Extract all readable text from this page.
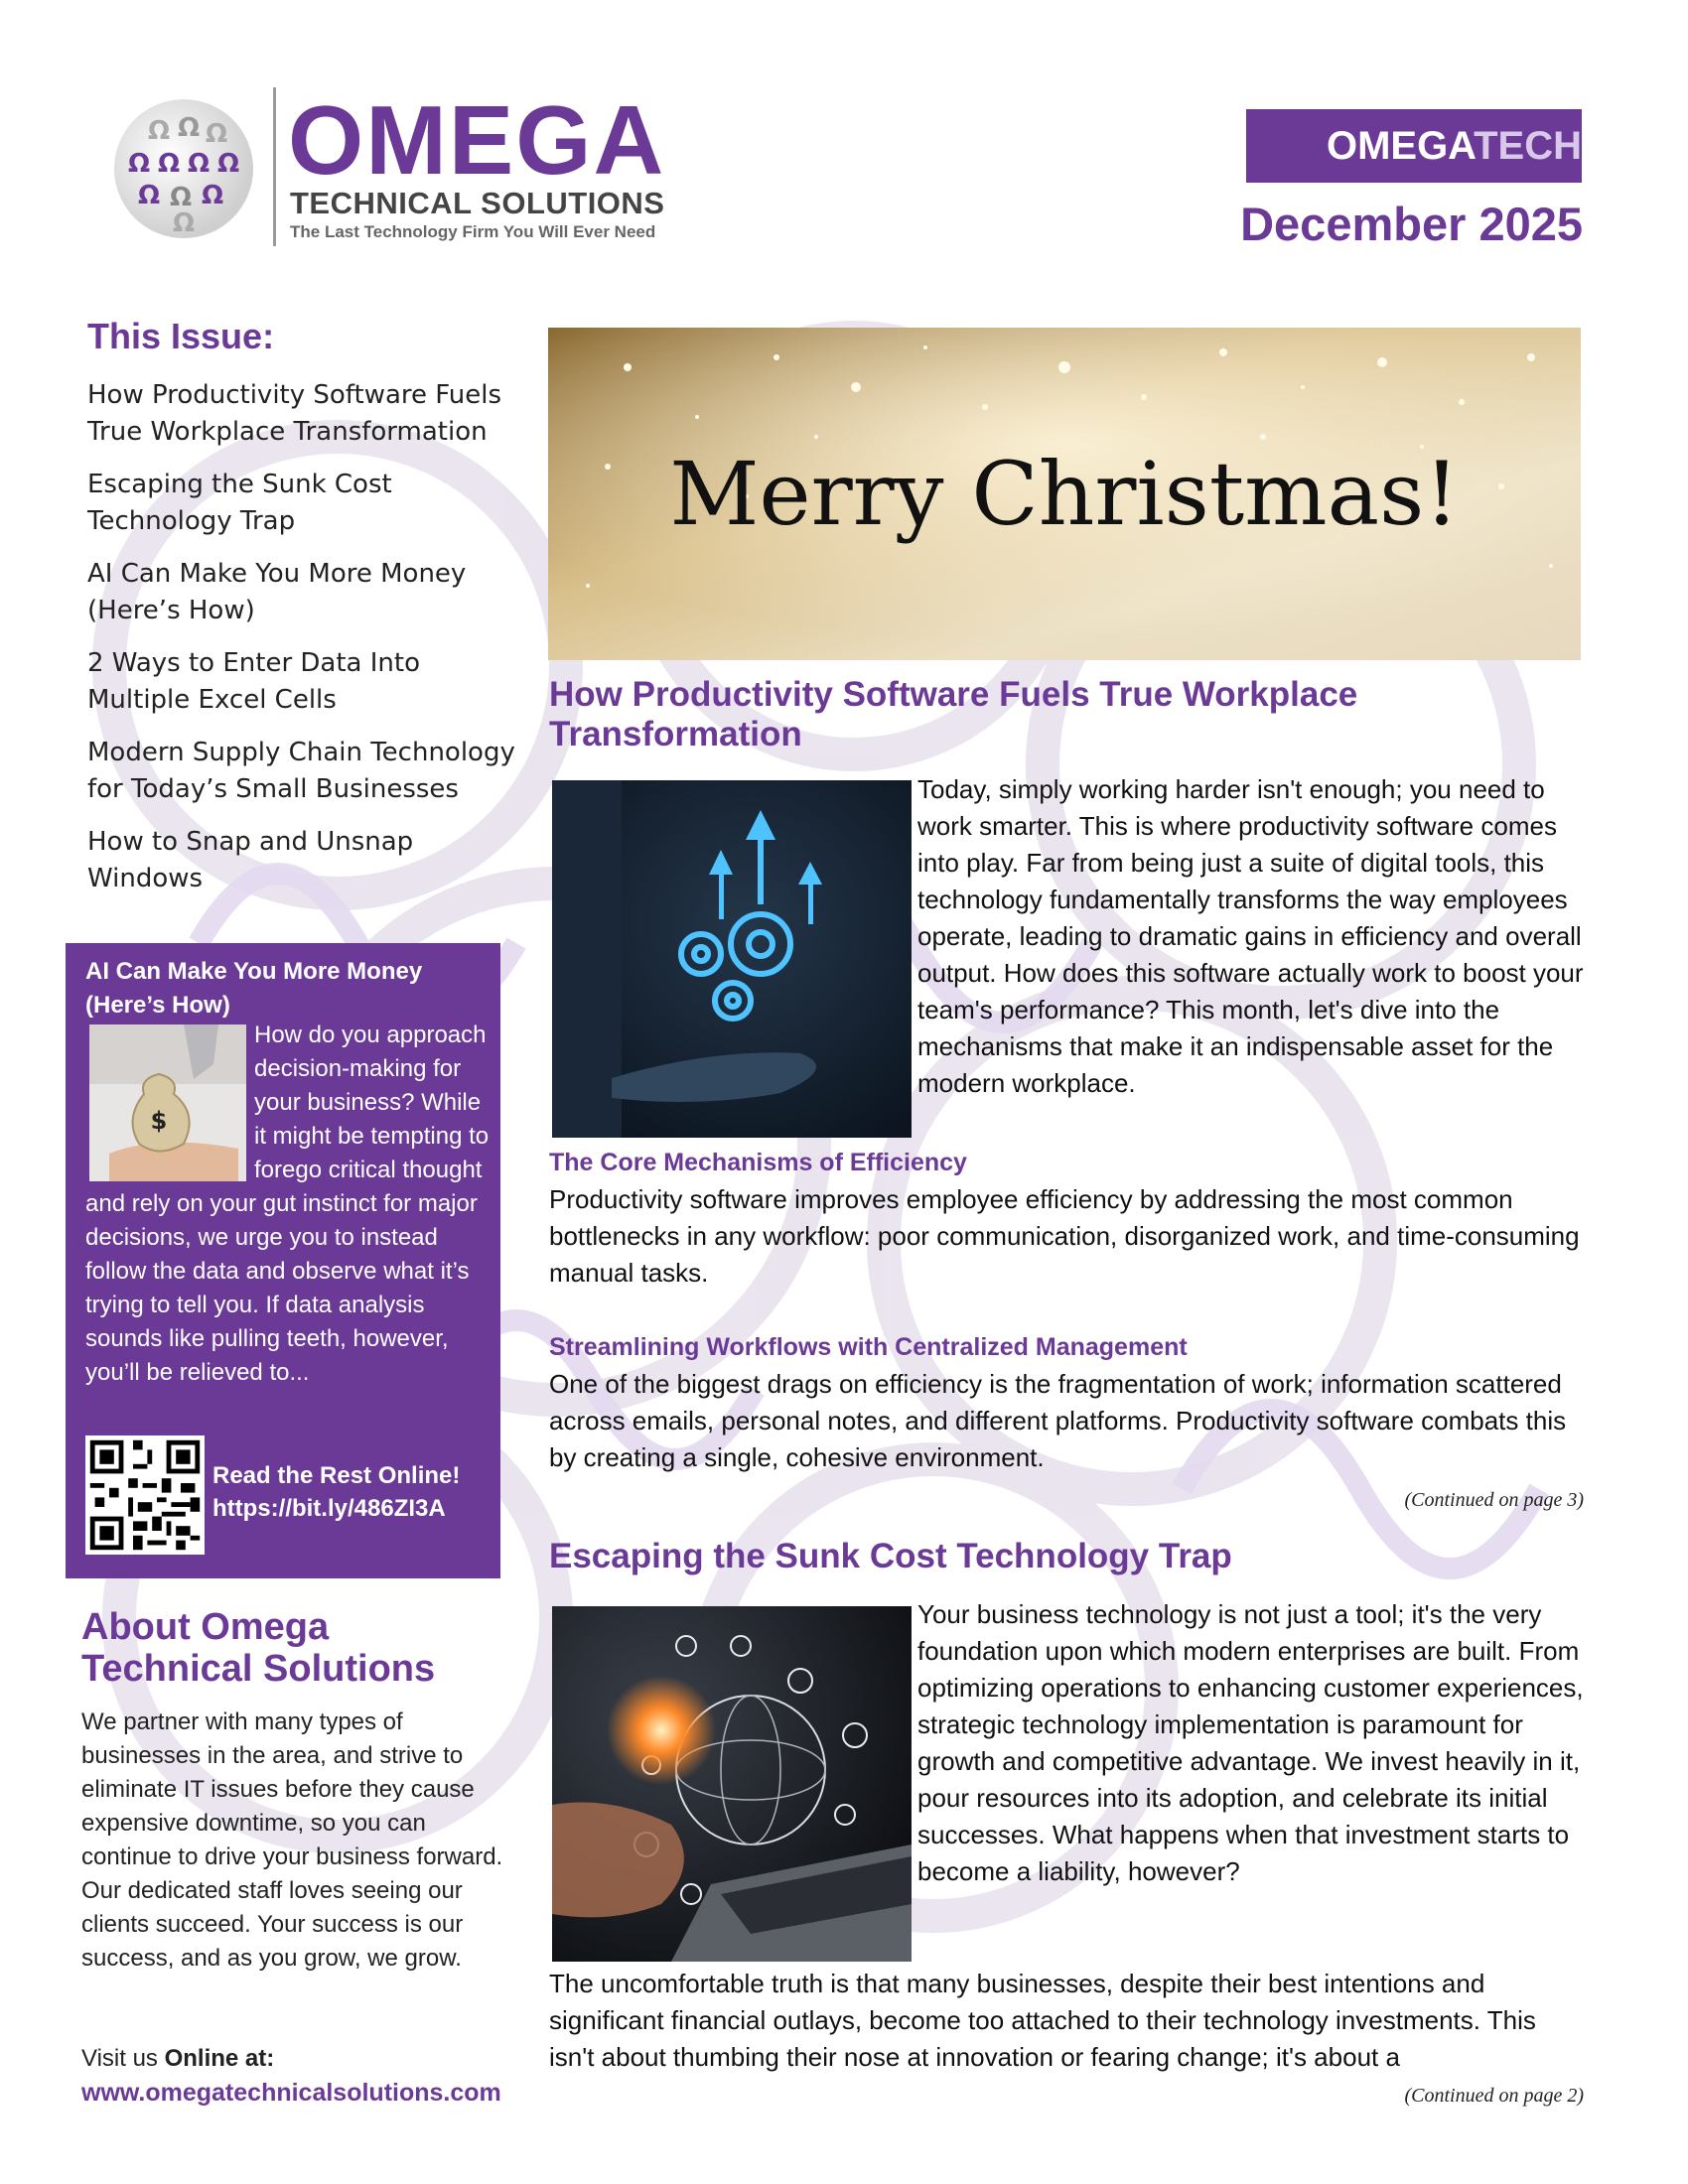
Ω Ω Ω
Ω Ω Ω Ω
Ω Ω Ω
Ω
OMEGA
TECHNICAL SOLUTIONS
The Last Technology Firm You Will Ever Need
OMEGATECH
December 2025
This Issue:
How Productivity Software Fuels True Workplace Transformation
Escaping the Sunk Cost Technology Trap
AI Can Make You More Money (Here’s How)
2 Ways to Enter Data Into Multiple Excel Cells
Modern Supply Chain Technology for Today’s Small Businesses
How to Snap and Unsnap Windows
AI Can Make You More Money (Here’s How)
$
How do you approach decision-making for your business? While it might be tempting to forego critical thought and rely on your gut instinct for major decisions, we urge you to instead follow the data and observe what it’s trying to tell you. If data analysis sounds like pulling teeth, however, you’ll be relieved to...
Read the Rest Online!
https://bit.ly/486ZI3A
About Omega Technical Solutions
We partner with many types of businesses in the area, and strive to eliminate IT issues before they cause expensive downtime, so you can continue to drive your business forward. Our dedicated staff loves seeing our clients succeed. Your success is our success, and as you grow, we grow.
Visit us Online at:
www.omegatechnicalsolutions.com
Merry Christmas!
How Productivity Software Fuels True Workplace Transformation
Today, simply working harder isn't enough; you need to work smarter. This is where productivity software comes into play. Far from being just a suite of digital tools, this technology fundamentally transforms the way employees operate, leading to dramatic gains in efficiency and overall output. How does this software actually work to boost your team's performance? This month, let's dive into the mechanisms that make it an indispensable asset for the modern workplace.
The Core Mechanisms of Efficiency
Productivity software improves employee efficiency by addressing the most common bottlenecks in any workflow: poor communication, disorganized work, and time-consuming manual tasks.
Streamlining Workflows with Centralized Management
One of the biggest drags on efficiency is the fragmentation of work; information scattered across emails, personal notes, and different platforms. Productivity software combats this by creating a single, cohesive environment.
(Continued on page 3)
Escaping the Sunk Cost Technology Trap
Your business technology is not just a tool; it's the very foundation upon which modern enterprises are built. From optimizing operations to enhancing customer experiences, strategic technology implementation is paramount for growth and competitive advantage. We invest heavily in it, pour resources into its adoption, and celebrate its initial successes. What happens when that investment starts to become a liability, however?
The uncomfortable truth is that many businesses, despite their best intentions and significant financial outlays, become too attached to their technology investments. This isn't about thumbing their nose at innovation or fearing change; it's about a
(Continued on page 2)
